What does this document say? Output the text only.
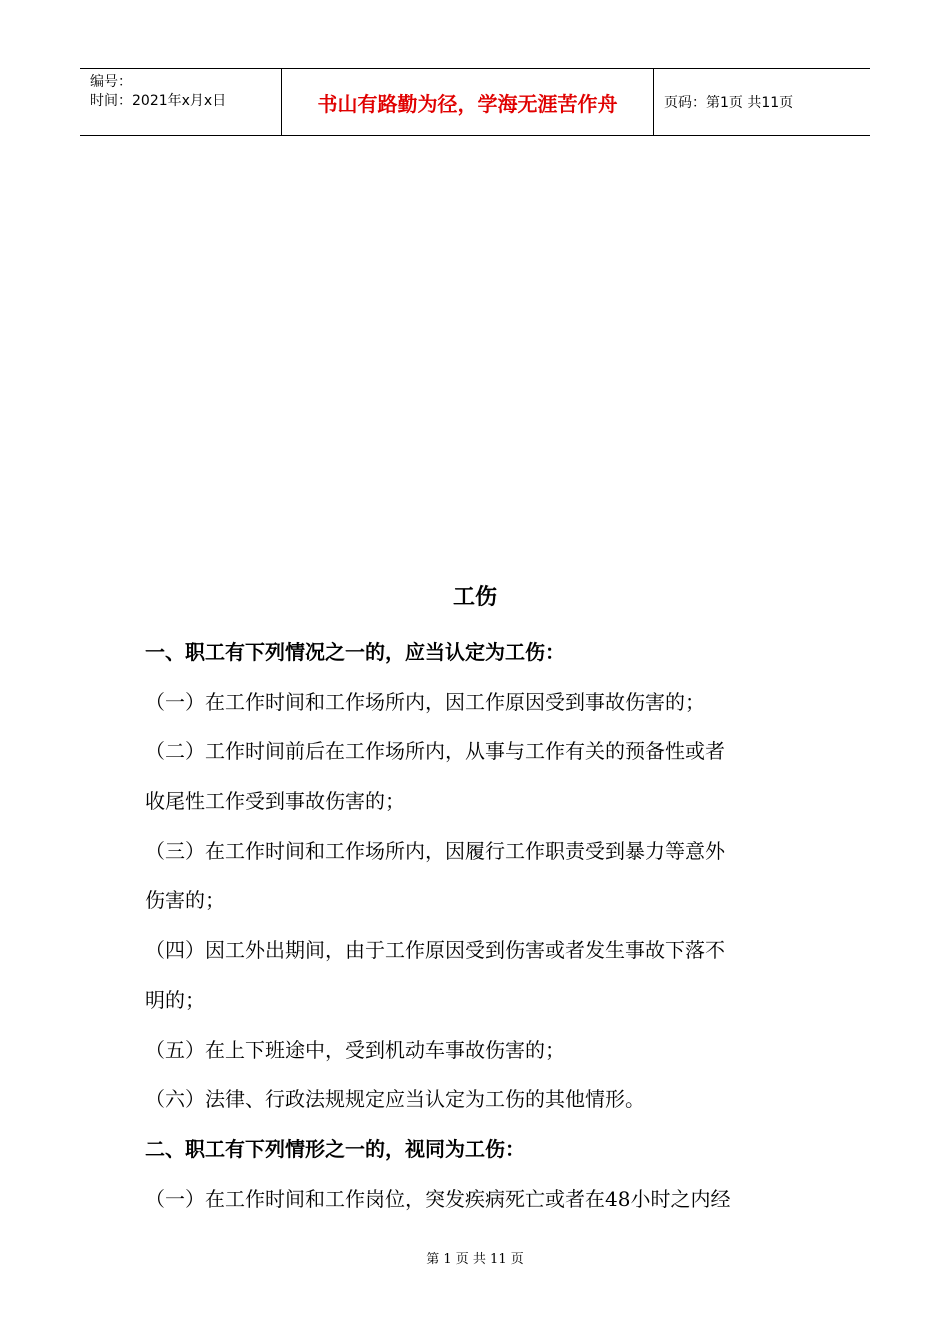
编号：
时间：2021年x月x日	书山有路勤为径，学海无涯苦作舟	页码：第1页 共11页
工伤
一、职工有下列情况之一的，应当认定为工伤：
（一）在工作时间和工作场所内，因工作原因受到事故伤害的；
（二）工作时间前后在工作场所内，从事与工作有关的预备性或者
收尾性工作受到事故伤害的；
（三）在工作时间和工作场所内，因履行工作职责受到暴力等意外
伤害的；
（四）因工外出期间，由于工作原因受到伤害或者发生事故下落不
明的；
（五）在上下班途中，受到机动车事故伤害的；
（六）法律、行政法规规定应当认定为工伤的其他情形。
二、职工有下列情形之一的，视同为工伤：
（一）在工作时间和工作岗位，突发疾病死亡或者在48小时之内经
第 1 页 共 11 页
